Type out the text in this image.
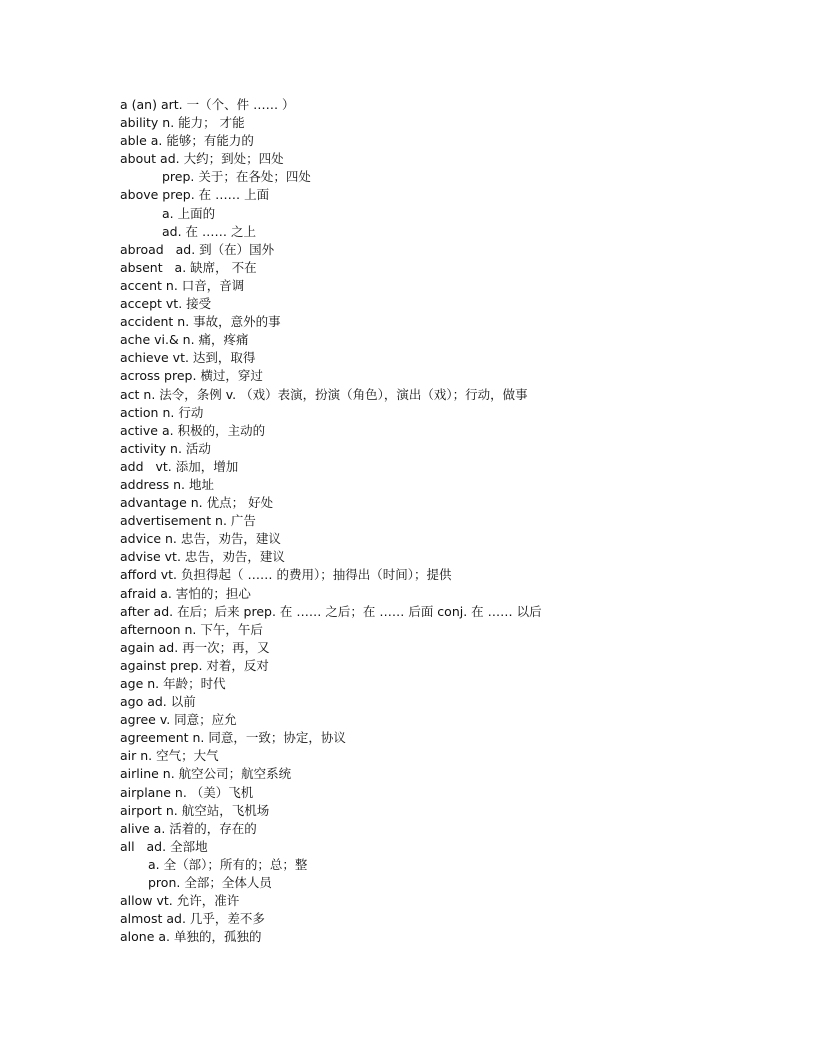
a (an) art. 一（个、件 …… ）
ability n. 能力； 才能
able a. 能够；有能力的
about ad. 大约；到处；四处
prep. 关于；在各处；四处
above prep. 在 …… 上面
a. 上面的
ad. 在 …… 之上
abroad   ad. 到（在）国外
absent   a. 缺席， 不在
accent n. 口音，音调
accept vt. 接受
accident n. 事故，意外的事
ache vi.& n. 痛，疼痛
achieve vt. 达到，取得
across prep. 横过，穿过
act n. 法令，条例 v. （戏）表演，扮演（角色），演出（戏）；行动，做事
action n. 行动
active a. 积极的，主动的
activity n. 活动
add   vt. 添加，增加
address n. 地址
advantage n. 优点； 好处
advertisement n. 广告
advice n. 忠告，劝告，建议
advise vt. 忠告，劝告，建议
afford vt. 负担得起（ …… 的费用）；抽得出（时间）；提供
afraid a. 害怕的；担心
after ad. 在后；后来 prep. 在 …… 之后；在 …… 后面 conj. 在 …… 以后
afternoon n. 下午，午后
again ad. 再一次；再，又
against prep. 对着，反对
age n. 年龄；时代
ago ad. 以前
agree v. 同意；应允
agreement n. 同意，一致；协定，协议
air n. 空气；大气
airline n. 航空公司；航空系统
airplane n. （美）飞机
airport n. 航空站，飞机场
alive a. 活着的，存在的
all   ad. 全部地
a. 全（部）；所有的；总；整
pron. 全部；全体人员
allow vt. 允许，准许
almost ad. 几乎，差不多
alone a. 单独的，孤独的
